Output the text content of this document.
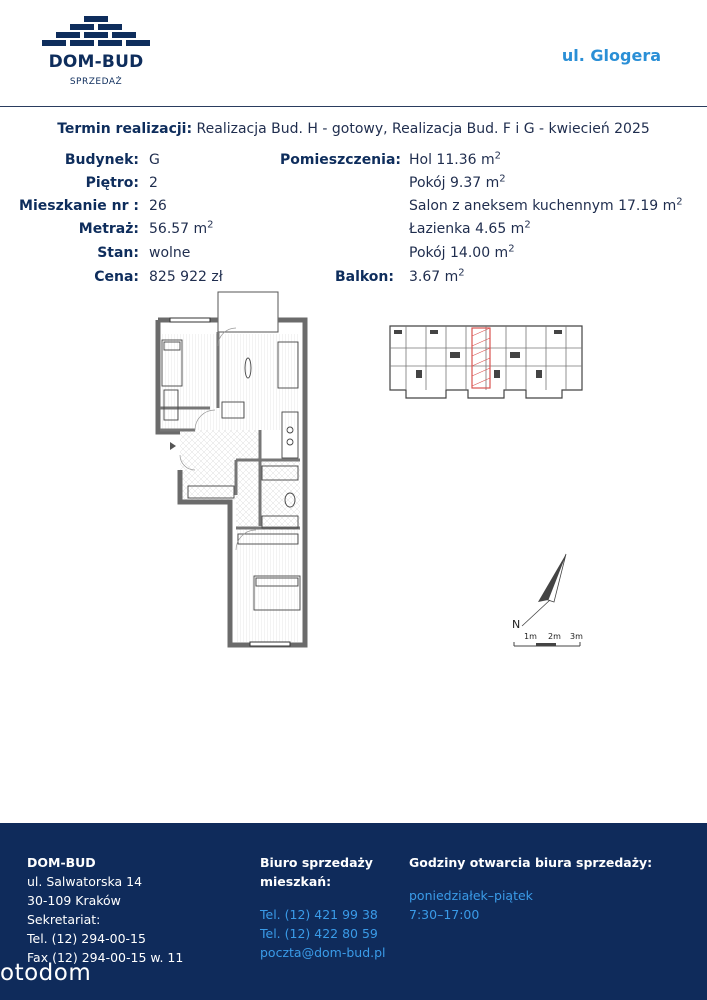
DOM-BUD
SPRZEDAŻ
ul. Glogera
Termin realizacji: Realizacja Bud. H - gotowy, Realizacja Bud. F i G - kwiecień 2025
Budynek: G
Piętro: 2
Mieszkanie nr : 26
Metraż: 56.57 $m^2$
Stan: wolne
Cena: 825 922 zł
Pomieszczenia: Hol 11.36 $m^2$
Pokój 9.37 $m^2$
Salon z aneksem kuchennym 17.19 $m^2$
Łazienka 4.65 $m^2$
Pokój 14.00 $m^2$
Balkon: 3.67 $m^2$
N
1m 2m 3m
DOM-BUD
ul. Salwatorska 14
30-109 Kraków
Sekretariat:
Tel. (12) 294-00-15
Fax (12) 294-00-15 w. 11
Biuro sprzedaży
mieszkań:
Tel. (12) 421 99 38
Tel. (12) 422 80 59
poczta@dom-bud.pl
Godziny otwarcia biura sprzedaży:
poniedziałek–piątek
7:30–17:00
otodom
